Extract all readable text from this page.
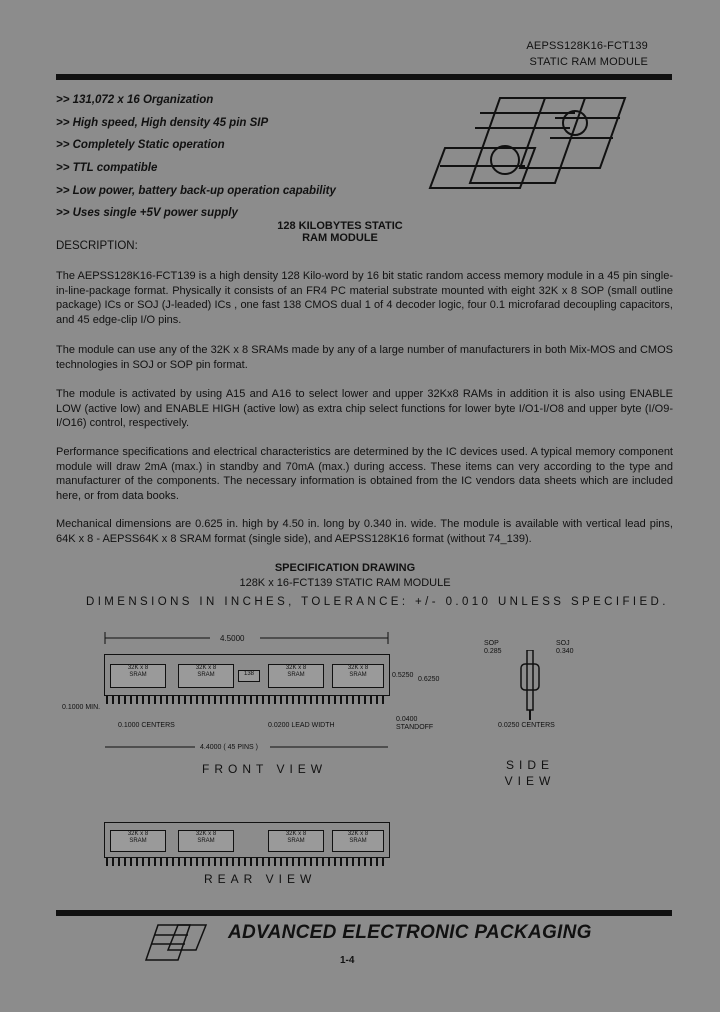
AEPSS128K16-FCT139
STATIC RAM MODULE
>> 131,072 x 16 Organization
>> High speed, High density 45 pin SIP
>> Completely Static operation
>> TTL compatible
>> Low power, battery back-up operation capability
>> Uses single +5V power supply
128 KILOBYTES STATIC
RAM MODULE
DESCRIPTION:
The AEPSS128K16-FCT139 is a high density 128 Kilo-word by 16 bit static random access memory module in a 45 pin single-in-line-package format. Physically it consists of an FR4 PC material substrate mounted with eight 32K x 8 SOP (small outline package) ICs or SOJ (J-leaded) ICs , one fast 138 CMOS dual 1 of 4 decoder logic, four 0.1 microfarad decoupling capacitors, and 45 edge-clip I/O pins.
The module can use any of the 32K x 8 SRAMs made by any of a large number of manufacturers in both Mix-MOS and CMOS technologies in SOJ or SOP pin format.
The module is activated by using A15 and A16 to select lower and upper 32Kx8 RAMs in addition it is also using ENABLE LOW (active low) and ENABLE HIGH (active low) as extra chip select functions for lower byte I/O1-I/O8 and upper byte (I/O9-I/O16) control, respectively.
Performance specifications and electrical characteristics are determined by the IC devices used. A typical memory component module will draw 2mA (max.) in standby and 70mA (max.) during access. These items can very according to the type and manufacturer of the components. The necessary information is obtained from the IC vendors data sheets which are included here, or from data books.
Mechanical dimensions are 0.625 in. high by 4.50 in. long by 0.340 in. wide. The module is available with vertical lead pins, 64K x 8 - AEPSS64K x 8 SRAM format (single side), and AEPSS128K16 format (without 74_139).
SPECIFICATION DRAWING
128K x 16-FCT139 STATIC RAM MODULE
DIMENSIONS IN INCHES, TOLERANCE: +/- 0.010 UNLESS SPECIFIED.
4.5000
32K x 8
SRAM
32K x 8
SRAM	138
32K x 8
SRAM
32K x 8
SRAM	0.5250
0.6250
0.1000 MIN.
0.1000 CENTERS	0.0200 LEAD WIDTH
0.0400
STANDOFF
4.4000 ( 45 PINS )
FRONT VIEW
SOP
0.285
SOJ
0.340
0.0250 CENTERS
SIDE
VIEW
32K x 8
SRAM
32K x 8
SRAM
32K x 8
SRAM
32K x 8
SRAM
REAR VIEW
ADVANCED ELECTRONIC PACKAGING
1-4
